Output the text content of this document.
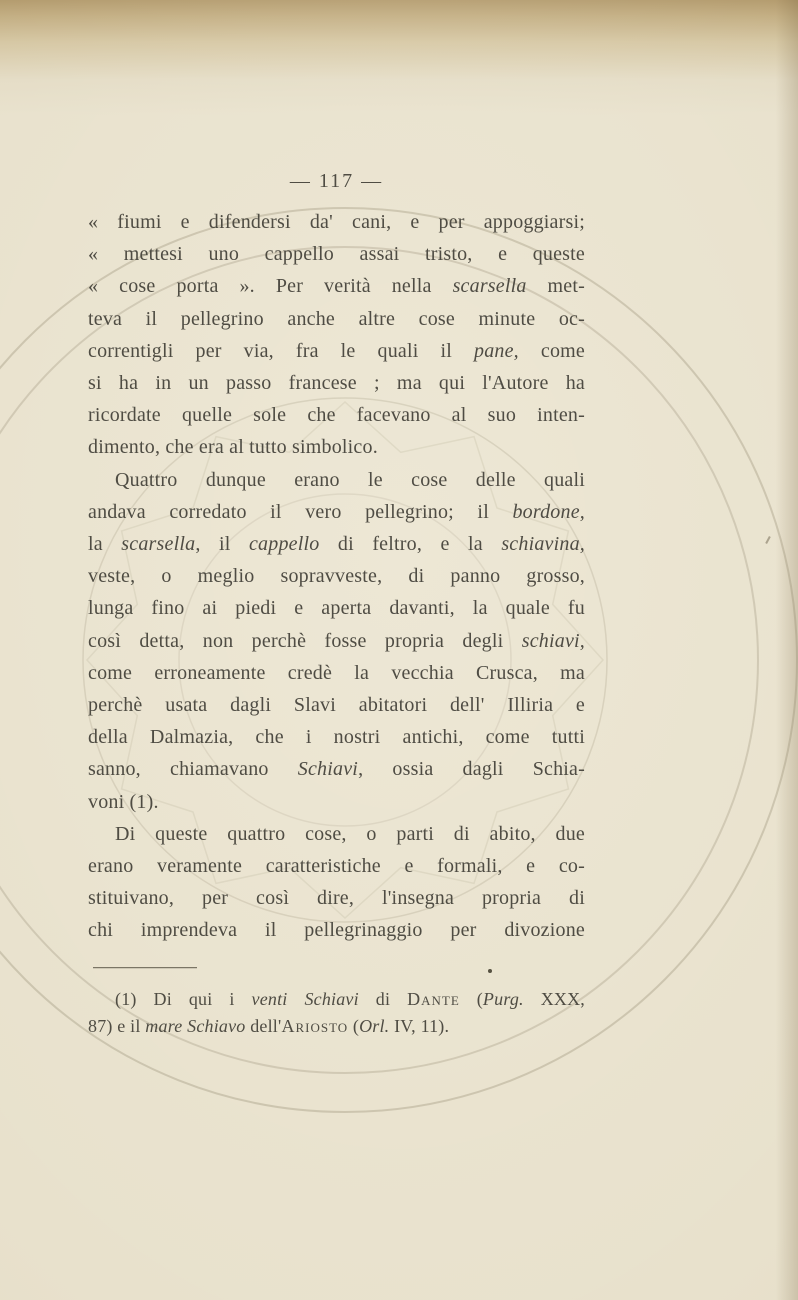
— 117 —
« fiumi e difendersi da' cani, e per appoggiarsi;
« mettesi uno cappello assai tristo, e queste
« cose porta ». Per verità nella scarsella met-
teva il pellegrino anche altre cose minute oc-
correntigli per via, fra le quali il pane, come
si ha in un passo francese ; ma qui l'Autore ha
ricordate quelle sole che facevano al suo inten-
dimento, che era al tutto simbolico.
Quattro dunque erano le cose delle quali
andava corredato il vero pellegrino; il bordone,
la scarsella, il cappello di feltro, e la schiavina,
veste, o meglio sopravveste, di panno grosso,
lunga fino ai piedi e aperta davanti, la quale fu
così detta, non perchè fosse propria degli schiavi,
come erroneamente credè la vecchia Crusca, ma
perchè usata dagli Slavi abitatori dell' Illiria e
della Dalmazia, che i nostri antichi, come tutti
sanno, chiamavano Schiavi, ossia dagli Schia-
voni (1).
Di queste quattro cose, o parti di abito, due
erano veramente caratteristiche e formali, e co-
stituivano, per così dire, l'insegna propria di
chi imprendeva il pellegrinaggio per divozione
(1) Di qui i venti Schiavi di Dante (Purg. XXX,
87) e il mare Schiavo dell'Ariosto (Orl. IV, 11).
